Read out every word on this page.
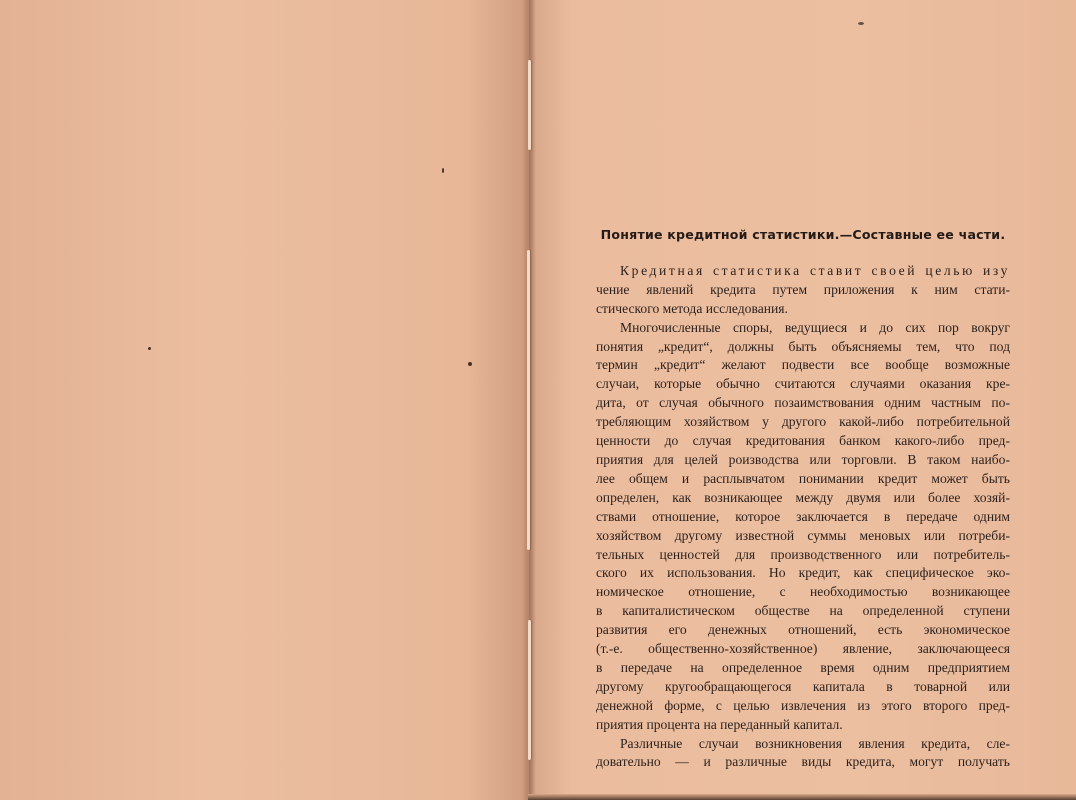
Понятие кредитной статистики.—Составные ее части.

Кредитная статистика ставит своей целью изу
чение явлений кредита путем приложения к ним стати-
стического метода исследования.

Многочисленные споры, ведущиеся и до сих пор вокруг
понятия „кредит“, должны быть объясняемы тем, что под
термин „кредит“ желают подвести все вообще возможные
случаи, которые обычно считаются случаями оказания кре-
дита, от случая обычного позаимствования одним частным по-
требляющим хозяйством у другого какой-либо потребительной
ценности до случая кредитования банком какого-либо пред-
приятия для целей роизводства или торговли. В таком наибо-
лее общем и расплывчатом понимании кредит может быть
определен, как возникающее между двумя или более хозяй-
ствами отношение, которое заключается в передаче одним
хозяйством другому известной суммы меновых или потреби-
тельных ценностей для производственного или потребитель-
ского их использования. Но кредит, как специфическое эко-
номическое отношение, с необходимостью возникающее
в капиталистическом обществе на определенной ступени
развития его денежных отношений, есть экономическое
(т.-е. общественно-хозяйственное) явление, заключающееся
в передаче на определенное время одним предприятием
другому кругообращающегося капитала в товарной или
денежной форме, с целью извлечения из этого второго пред-
приятия процента на переданный капитал.

Различные случаи возникновения явления кредита, сле-
довательно — и различные виды кредита, могут получать
